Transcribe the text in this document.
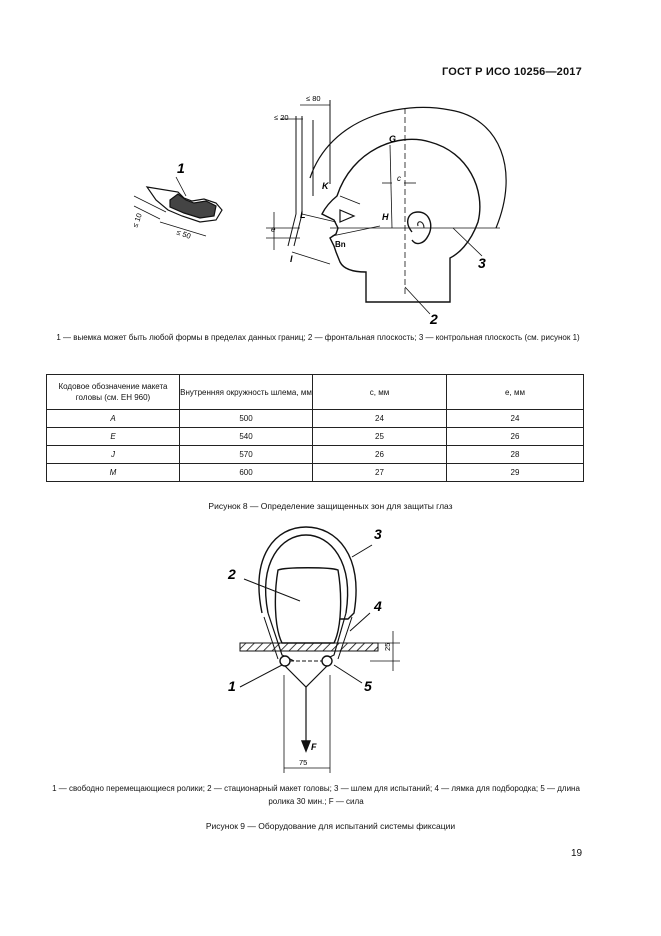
ГОСТ Р ИСО 10256—2017
1
≤ 10
≤ 50
≤ 20
≤ 80
G
c
K
L	H
e
Bn
I	3
2
1 — выемка может быть любой формы в пределах данных границ; 2 — фронтальная плоскость; 3 — контрольная плоскость (см. рисунок 1)
Кодовое обозначение макета головы (см. ЕН 960)	Внутренняя окружность шлема, мм	c, мм	e, мм
A	500	24	24
E	540	25	26
J	570	26	28
M	600	27	29
Рисунок 8 — Определение защищенных зон для защиты глаз
3
2
4
1	5
25
F
75
1 — свободно перемещающиеся ролики; 2 — стационарный макет головы; 3 — шлем для испытаний; 4 — лямка для подбородка; 5 — длина ролика 30 мин.; F — сила
Рисунок 9 — Оборудование для испытаний системы фиксации
19
